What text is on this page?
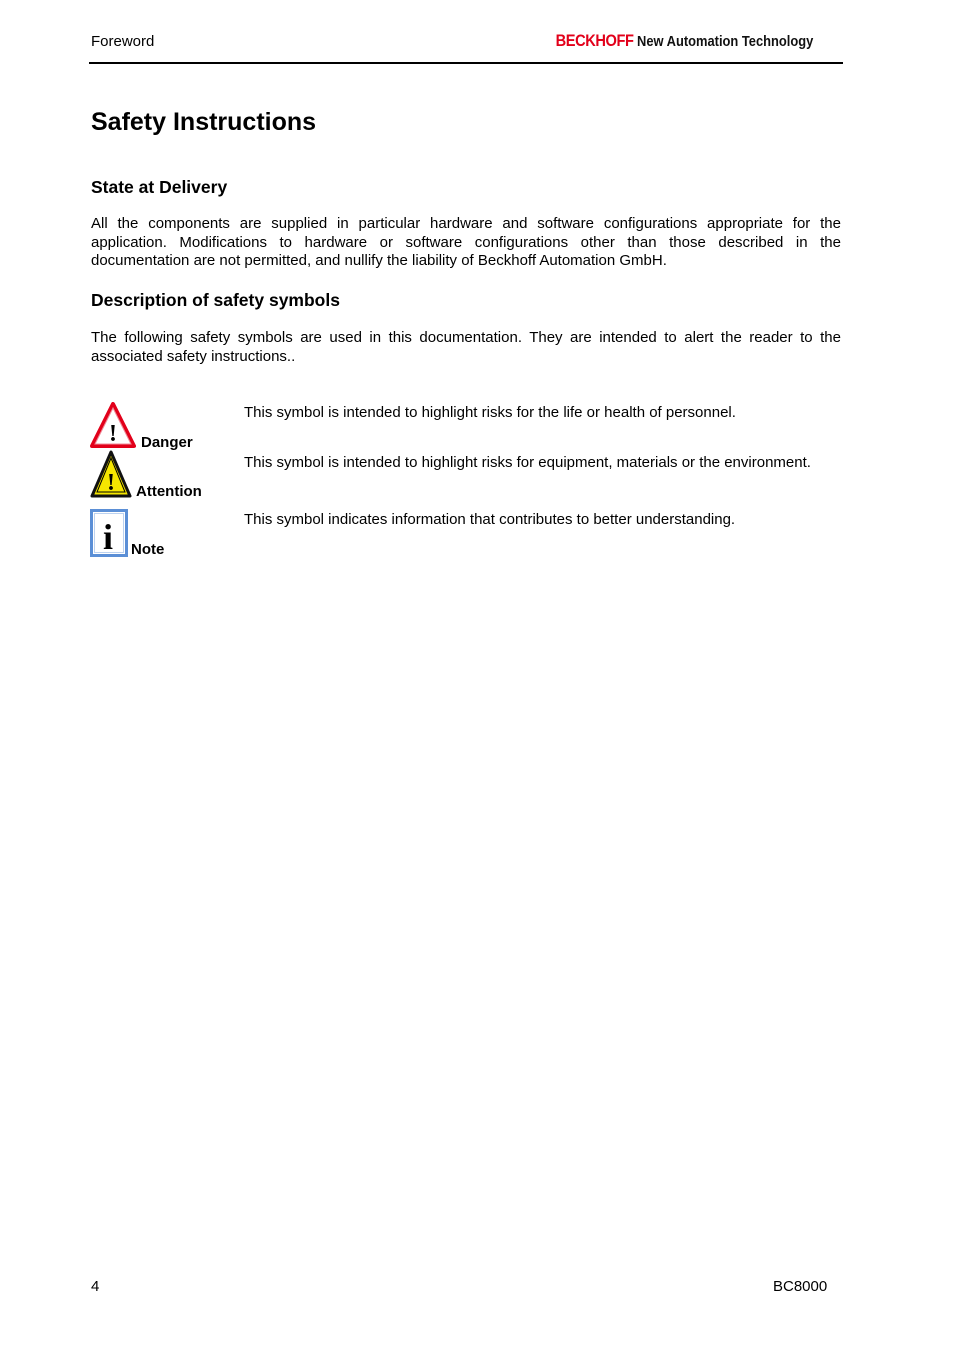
Foreword	BECKHOFF New Automation Technology
Safety Instructions
State at Delivery
All the components are supplied in particular hardware and software configurations appropriate for the application. Modifications to hardware or software configurations other than those described in the documentation are not permitted, and nullify the liability of Beckhoff Automation GmbH.
Description of safety symbols
The following safety symbols are used in this documentation. They are intended to alert the reader to the associated safety instructions..
! Danger
This symbol is intended to highlight risks for the life or health of personnel.
! Attention
This symbol is intended to highlight risks for equipment, materials or the environment.
i Note
This symbol indicates information that contributes to better understanding.
4	BC8000
